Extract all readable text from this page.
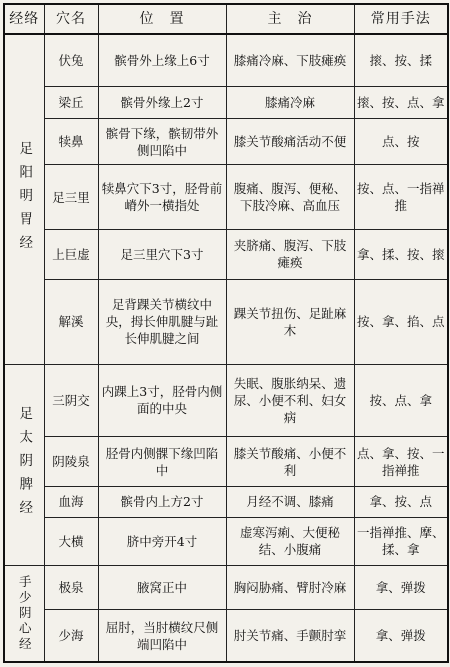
经络	穴名	位　置	主　治	常用手法

足阳明胃经	伏兔	髌骨外上缘上6寸	膝痛冷麻、下肢瘫痪	㨰、按、揉
	梁丘	髌骨外缘上2寸	膝痛冷麻	㨰、按、点、拿
	犊鼻	髌骨下缘，髌韧带外侧凹陷中	膝关节酸痛活动不便	点、按
	足三里	犊鼻穴下3寸，胫骨前嵴外一横指处	腹痛、腹泻、便秘、下肢冷麻、高血压	按、点、一指禅推
	上巨虚	足三里穴下3寸	夹脐痛、腹泻、下肢瘫痪	拿、揉、按、㨰
	解溪	足背踝关节横纹中央，拇长伸肌腱与趾长伸肌腱之间	踝关节扭伤、足趾麻木	按、拿、掐、点

足太阴脾经	三阴交	内踝上3寸，胫骨内侧面的中央	失眠、腹胀纳呆、遗尿、小便不利、妇女病	按、点、拿
	阴陵泉	胫骨内侧髁下缘凹陷中	膝关节酸痛、小便不利	点、拿、按、一指禅推
	血海	髌骨内上方2寸	月经不调、膝痛	拿、按、点
	大横	脐中旁开4寸	虚寒泻痢、大便秘结、小腹痛	一指禅推、摩、揉、拿

手少阴心经	极泉	腋窝正中	胸闷胁痛、臂肘冷麻	拿、弹拨
	少海	屈肘，当肘横纹尺侧端凹陷中	肘关节痛、手颤肘挛	拿、弹拨
